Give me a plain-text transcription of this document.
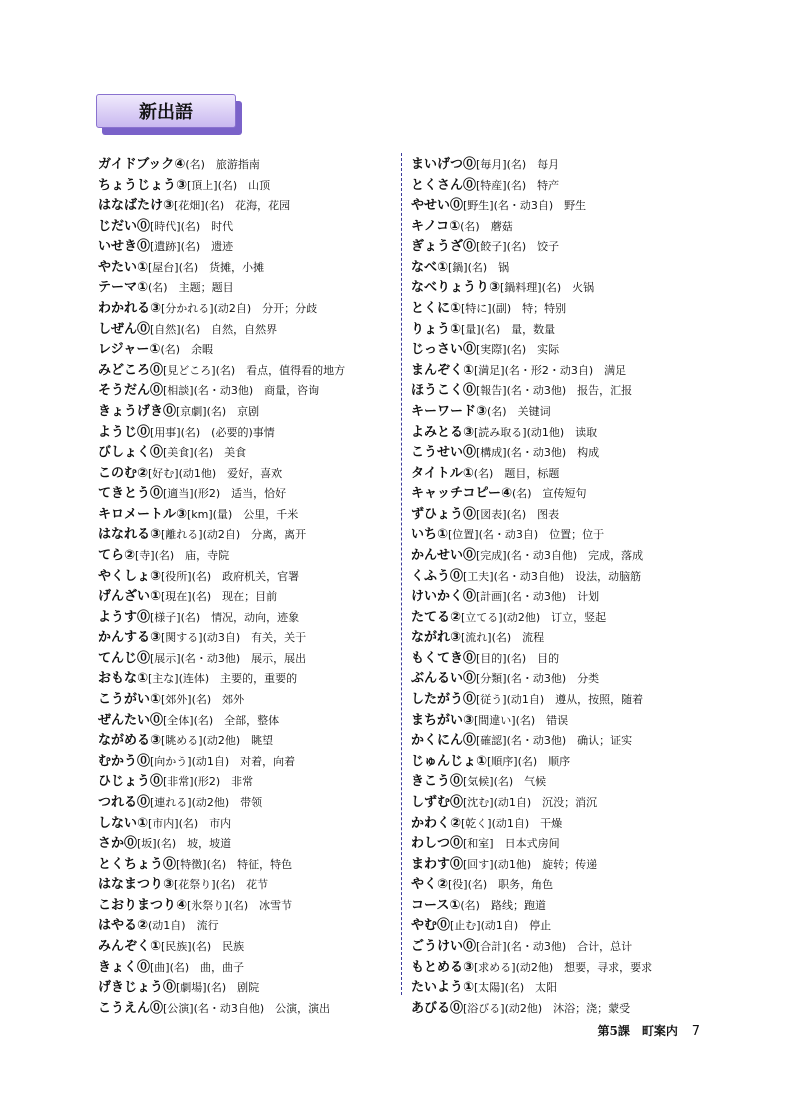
新出語
ガイドブック④(名)　旅游指南
ちょうじょう③[頂上](名)　山顶
はなばたけ③[花畑](名)　花海，花园
じだい⓪[時代](名)　时代
いせき⓪[遺跡](名)　遗迹
やたい①[屋台](名)　货摊，小摊
テーマ①(名)　主题；题目
わかれる③[分かれる](动2自)　分开；分歧
しぜん⓪[自然](名)　自然，自然界
レジャー①(名)　余暇
みどころ⓪[見どころ](名)　看点，值得看的地方
そうだん⓪[相談](名・动3他)　商量，咨询
きょうげき⓪[京劇](名)　京剧
ようじ⓪[用事](名)　(必要的)事情
びしょく⓪[美食](名)　美食
このむ②[好む](动1他)　爱好，喜欢
てきとう⓪[適当](形2)　适当，恰好
キロメートル③[km](量)　公里，千米
はなれる③[離れる](动2自)　分离，离开
てら②[寺](名)　庙，寺院
やくしょ③[役所](名)　政府机关，官署
げんざい①[現在](名)　现在；目前
ようす⓪[様子](名)　情况，动向，迹象
かんする③[関する](动3自)　有关，关于
てんじ⓪[展示](名・动3他)　展示，展出
おもな①[主な](连体)　主要的，重要的
こうがい①[郊外](名)　郊外
ぜんたい⓪[全体](名)　全部，整体
ながめる③[眺める](动2他)　眺望
むかう⓪[向かう](动1自)　对着，向着
ひじょう⓪[非常](形2)　非常
つれる⓪[連れる](动2他)　带领
しない①[市内](名)　市内
さか⓪[坂](名)　坡，坡道
とくちょう⓪[特徴](名)　特征，特色
はなまつり③[花祭り](名)　花节
こおりまつり④[氷祭り](名)　冰雪节
はやる②(动1自)　流行
みんぞく①[民族](名)　民族
きょく⓪[曲](名)　曲，曲子
げきじょう⓪[劇場](名)　剧院
こうえん⓪[公演](名・动3自他)　公演，演出
まいげつ⓪[毎月](名)　每月
とくさん⓪[特産](名)　特产
やせい⓪[野生](名・动3自)　野生
キノコ①(名)　蘑菇
ぎょうざ⓪[餃子](名)　饺子
なべ①[鍋](名)　锅
なべりょうり③[鍋料理](名)　火锅
とくに①[特に](副)　特；特别
りょう①[量](名)　量，数量
じっさい⓪[実際](名)　实际
まんぞく①[満足](名・形2・动3自)　满足
ほうこく⓪[報告](名・动3他)　报告，汇报
キーワード③(名)　关键词
よみとる③[読み取る](动1他)　读取
こうせい⓪[構成](名・动3他)　构成
タイトル①(名)　题目，标题
キャッチコピー④(名)　宣传短句
ずひょう⓪[図表](名)　图表
いち①[位置](名・动3自)　位置；位于
かんせい⓪[完成](名・动3自他)　完成，落成
くふう⓪[工夫](名・动3自他)　设法，动脑筋
けいかく⓪[計画](名・动3他)　计划
たてる②[立てる](动2他)　订立，竖起
ながれ③[流れ](名)　流程
もくてき⓪[目的](名)　目的
ぶんるい⓪[分類](名・动3他)　分类
したがう⓪[従う](动1自)　遵从，按照，随着
まちがい③[間違い](名)　错误
かくにん⓪[確認](名・动3他)　确认；证实
じゅんじょ①[順序](名)　顺序
きこう⓪[気候](名)　气候
しずむ⓪[沈む](动1自)　沉没；消沉
かわく②[乾く](动1自)　干燥
わしつ⓪[和室]　日本式房间
まわす⓪[回す](动1他)　旋转；传递
やく②[役](名)　职务，角色
コース①(名)　路线；跑道
やむ⓪[止む](动1自)　停止
ごうけい⓪[合計](名・动3他)　合计，总计
もとめる③[求める](动2他)　想要，寻求，要求
たいよう①[太陽](名)　太阳
あびる⓪[浴びる](动2他)　沐浴；浇；蒙受
第5課　町案内 7
